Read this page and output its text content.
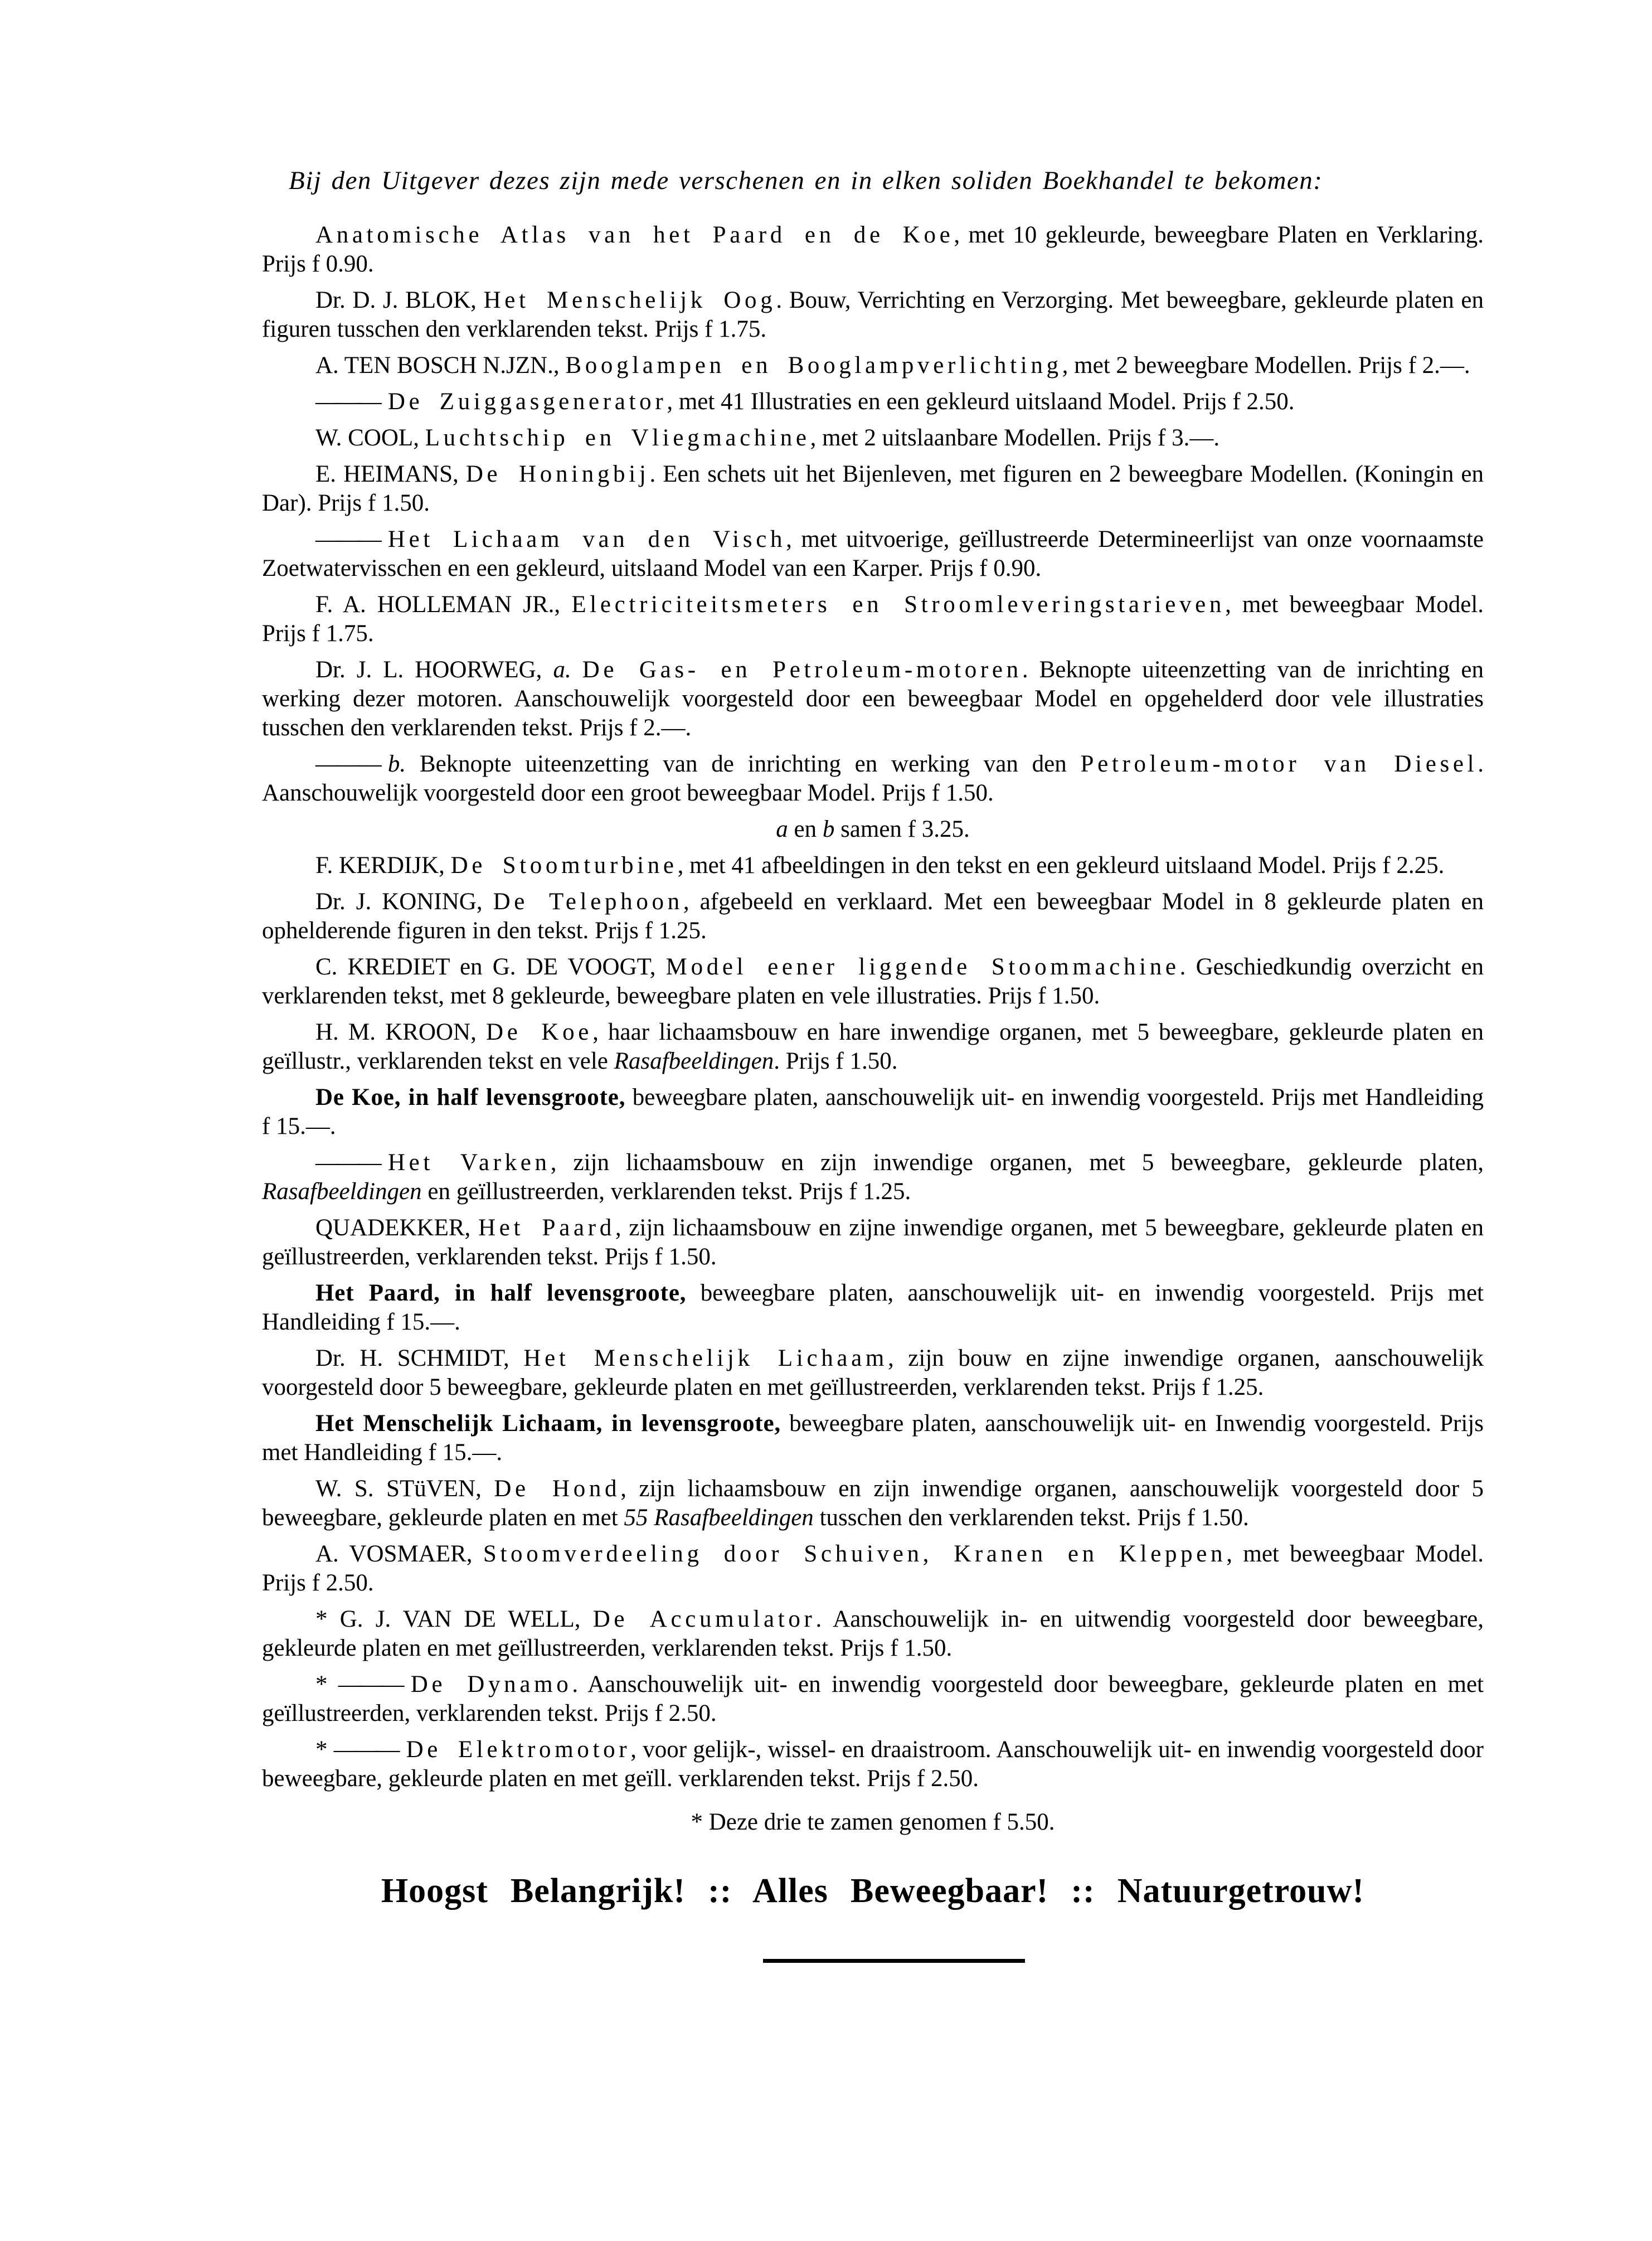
Bij den Uitgever dezes zijn mede verschenen en in elken soliden Boekhandel te bekomen:

Anatomische Atlas van het Paard en de Koe, met 10 gekleurde, beweegbare Platen en Verklaring. Prijs f 0.90.

Dr. D. J. BLOK, Het Menschelijk Oog. Bouw, Verrichting en Verzorging. Met beweegbare, gekleurde platen en figuren tusschen den verklarenden tekst. Prijs f 1.75.

A. TEN BOSCH N.JZN., Booglampen en Booglampverlichting, met 2 beweegbare Modellen. Prijs f 2.—.

——— De Zuiggasgenerator, met 41 Illustraties en een gekleurd uitslaand Model. Prijs f 2.50.

W. COOL, Luchtschip en Vliegmachine, met 2 uitslaanbare Modellen. Prijs f 3.—.

E. HEIMANS, De Honingbij. Een schets uit het Bijenleven, met figuren en 2 beweegbare Modellen. (Koningin en Dar). Prijs f 1.50.

——— Het Lichaam van den Visch, met uitvoerige, geïllustreerde Determineerlijst van onze voornaamste Zoetwatervisschen en een gekleurd, uitslaand Model van een Karper. Prijs f 0.90.

F. A. HOLLEMAN JR., Electriciteitsmeters en Stroomleveringstarieven, met beweegbaar Model. Prijs f 1.75.

Dr. J. L. HOORWEG, a. De Gas- en Petroleum-motoren. Beknopte uiteenzetting van de inrichting en werking dezer motoren. Aanschouwelijk voorgesteld door een beweegbaar Model en opgehelderd door vele illustraties tusschen den verklarenden tekst. Prijs f 2.—.

——— b. Beknopte uiteenzetting van de inrichting en werking van den Petroleum-motor van Diesel. Aanschouwelijk voorgesteld door een groot beweegbaar Model. Prijs f 1.50.

a en b samen f 3.25.

F. KERDIJK, De Stoomturbine, met 41 afbeeldingen in den tekst en een gekleurd uitslaand Model. Prijs f 2.25.

Dr. J. KONING, De Telephoon, afgebeeld en verklaard. Met een beweegbaar Model in 8 gekleurde platen en ophelderende figuren in den tekst. Prijs f 1.25.

C. KREDIET en G. DE VOOGT, Model eener liggende Stoommachine. Geschiedkundig overzicht en verklarenden tekst, met 8 gekleurde, beweegbare platen en vele illustraties. Prijs f 1.50.

H. M. KROON, De Koe, haar lichaamsbouw en hare inwendige organen, met 5 beweegbare, gekleurde platen en geïllustr., verklarenden tekst en vele Rasafbeeldingen. Prijs f 1.50.

De Koe, in half levensgroote, beweegbare platen, aanschouwelijk uit- en inwendig voorgesteld. Prijs met Handleiding f 15.—.

——— Het Varken, zijn lichaamsbouw en zijn inwendige organen, met 5 beweegbare, gekleurde platen, Rasafbeeldingen en geïllustreerden, verklarenden tekst. Prijs f 1.25.

QUADEKKER, Het Paard, zijn lichaamsbouw en zijne inwendige organen, met 5 beweegbare, gekleurde platen en geïllustreerden, verklarenden tekst. Prijs f 1.50.

Het Paard, in half levensgroote, beweegbare platen, aanschouwelijk uit- en inwendig voorgesteld. Prijs met Handleiding f 15.—.

Dr. H. SCHMIDT, Het Menschelijk Lichaam, zijn bouw en zijne inwendige organen, aanschouwelijk voorgesteld door 5 beweegbare, gekleurde platen en met geïllustreerden, verklarenden tekst. Prijs f 1.25.

Het Menschelijk Lichaam, in levensgroote, beweegbare platen, aanschouwelijk uit- en Inwendig voorgesteld. Prijs met Handleiding f 15.—.

W. S. STüVEN, De Hond, zijn lichaamsbouw en zijn inwendige organen, aanschouwelijk voorgesteld door 5 beweegbare, gekleurde platen en met 55 Rasafbeeldingen tusschen den verklarenden tekst. Prijs f 1.50.

A. VOSMAER, Stoomverdeeling door Schuiven, Kranen en Kleppen, met beweegbaar Model. Prijs f 2.50.

* G. J. VAN DE WELL, De Accumulator. Aanschouwelijk in- en uitwendig voorgesteld door beweegbare, gekleurde platen en met geïllustreerden, verklarenden tekst. Prijs f 1.50.

* ——— De Dynamo. Aanschouwelijk uit- en inwendig voorgesteld door beweegbare, gekleurde platen en met geïllustreerden, verklarenden tekst. Prijs f 2.50.

* ——— De Elektromotor, voor gelijk-, wissel- en draaistroom. Aanschouwelijk uit- en inwendig voorgesteld door beweegbare, gekleurde platen en met geïll. verklarenden tekst. Prijs f 2.50.

* Deze drie te zamen genomen f 5.50.

Hoogst Belangrijk! :: Alles Beweegbaar! :: Natuurgetrouw!
